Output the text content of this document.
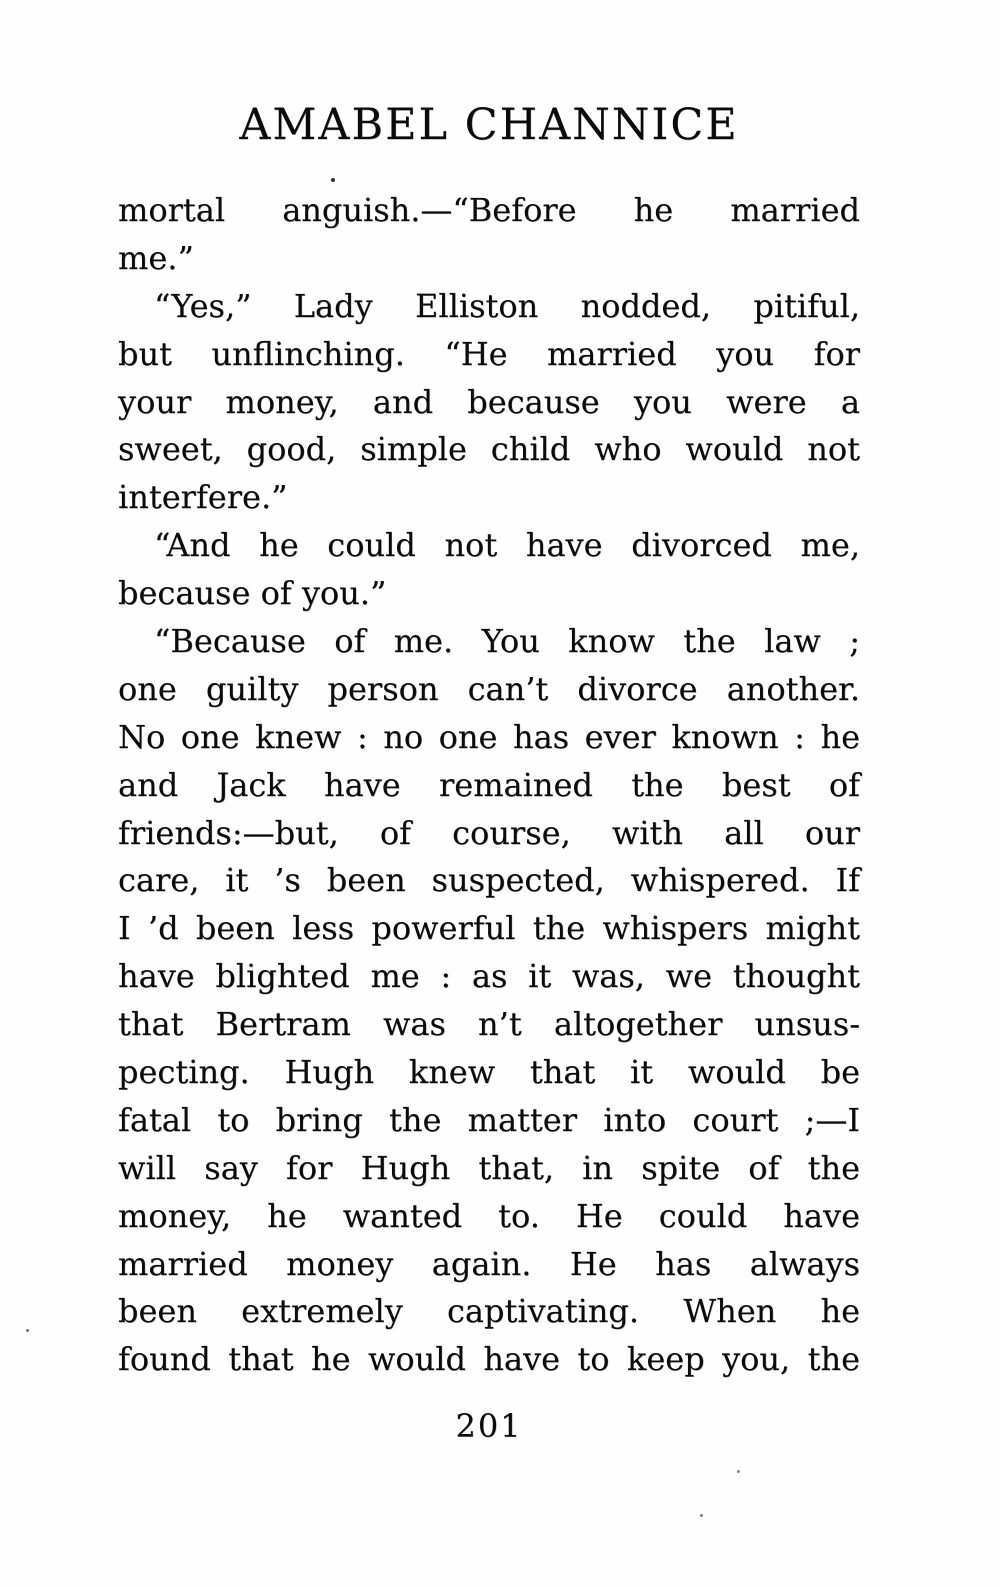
AMABEL CHANNICE
mortal anguish.—“Before he married
me.”
“Yes,” Lady Elliston nodded, pitiful,
but unflinching. “He married you for
your money, and because you were a
sweet, good, simple child who would not
interfere.”
“And he could not have divorced me,
because of you.”
“Because of me. You know the law ;
one guilty person can’t divorce another.
No one knew : no one has ever known : he
and Jack have remained the best of
friends:—but, of course, with all our
care, it ’s been suspected, whispered. If
I ’d been less powerful the whispers might
have blighted me : as it was, we thought
that Bertram was n’t altogether unsus-
pecting. Hugh knew that it would be
fatal to bring the matter into court ;—I
will say for Hugh that, in spite of the
money, he wanted to. He could have
married money again. He has always
been extremely captivating. When he
found that he would have to keep you, the
201
